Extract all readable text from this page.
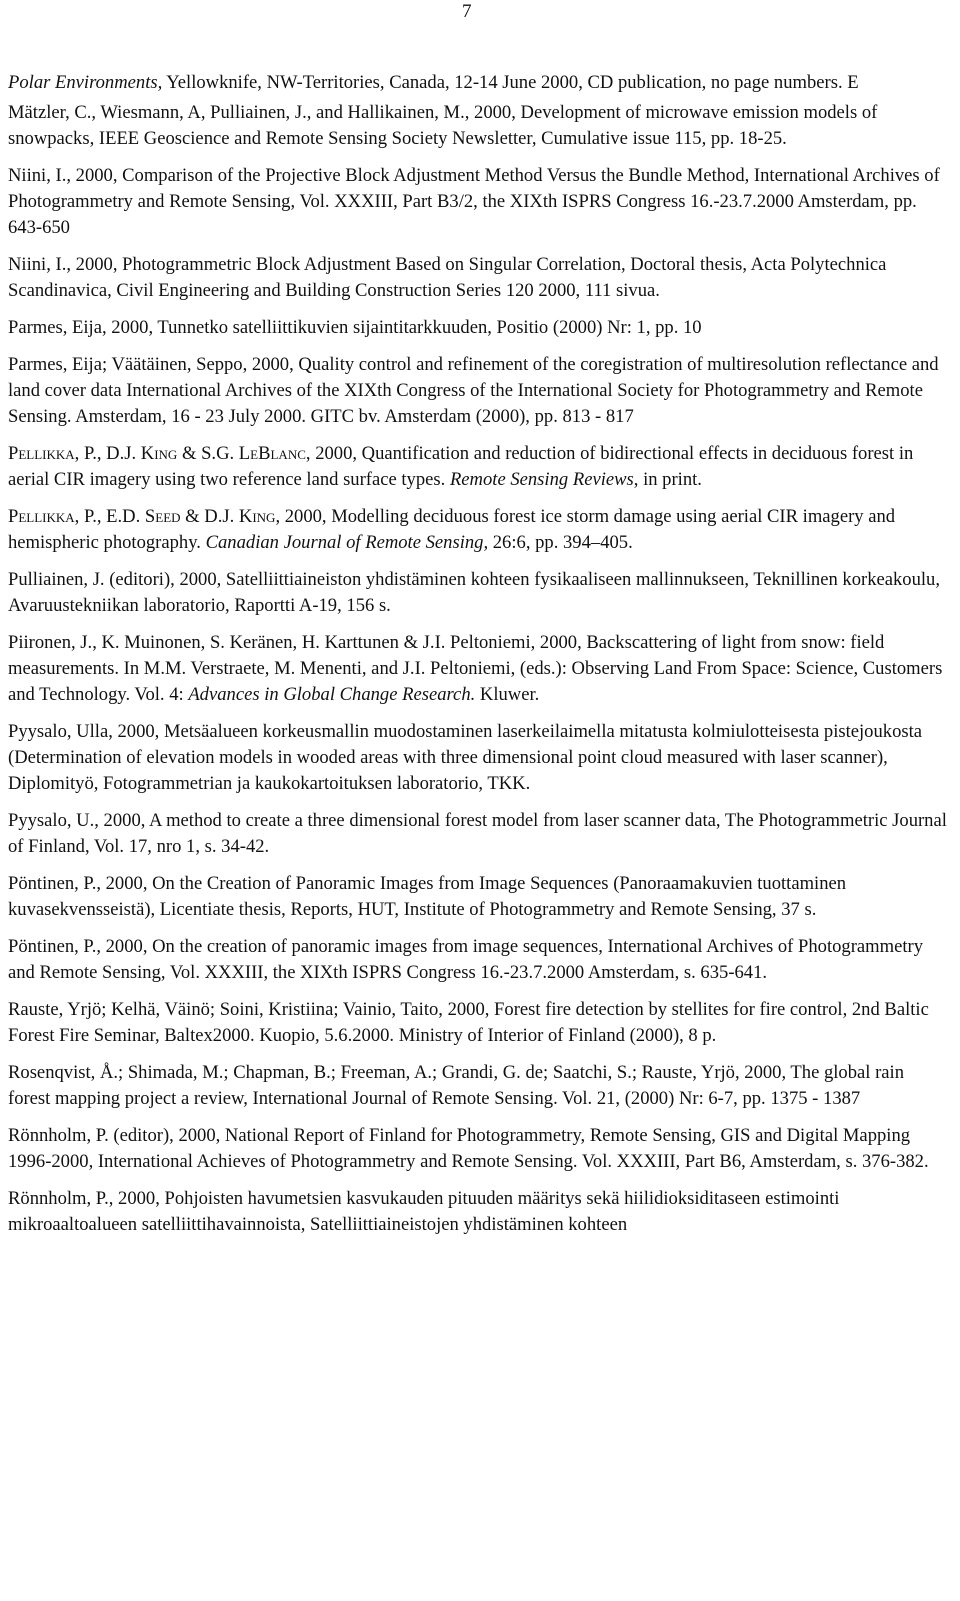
7

Polar Environments, Yellowknife, NW-Territories, Canada, 12-14 June 2000, CD publication, no page numbers. E

Mätzler, C., Wiesmann, A, Pulliainen, J., and Hallikainen, M., 2000, Development of microwave emission models of snowpacks, IEEE Geoscience and Remote Sensing Society Newsletter, Cumulative issue 115, pp. 18-25.

Niini, I., 2000, Comparison of the Projective Block Adjustment Method Versus the Bundle Method, International Archives of Photogrammetry and Remote Sensing, Vol. XXXIII, Part B3/2, the XIXth ISPRS Congress 16.-23.7.2000 Amsterdam, pp. 643-650

Niini, I., 2000, Photogrammetric Block Adjustment Based on Singular Correlation, Doctoral thesis, Acta Polytechnica Scandinavica, Civil Engineering and Building Construction Series 120 2000, 111 sivua.

Parmes, Eija, 2000, Tunnetko satelliittikuvien sijaintitarkkuuden, Positio (2000) Nr: 1, pp. 10

Parmes, Eija; Väätäinen, Seppo, 2000, Quality control and refinement of the coregistration of multiresolution reflectance and land cover data International Archives of the XIXth Congress of the International Society for Photogrammetry and Remote Sensing. Amsterdam, 16 - 23 July 2000. GITC bv. Amsterdam (2000), pp. 813 - 817

Pellikka, P., D.J. King & S.G. LeBlanc, 2000, Quantification and reduction of bidirectional effects in deciduous forest in aerial CIR imagery using two reference land surface types. Remote Sensing Reviews, in print.

Pellikka, P., E.D. Seed & D.J. King, 2000, Modelling deciduous forest ice storm damage using aerial CIR imagery and hemispheric photography. Canadian Journal of Remote Sensing, 26:6, pp. 394–405.

Pulliainen, J. (editori), 2000, Satelliittiaineiston yhdistäminen kohteen fysikaaliseen mallinnukseen, Teknillinen korkeakoulu, Avaruustekniikan laboratorio, Raportti A-19, 156 s.

Piironen, J., K. Muinonen, S. Keränen, H. Karttunen & J.I. Peltoniemi, 2000, Backscattering of light from snow: field measurements. In M.M. Verstraete, M. Menenti, and J.I. Peltoniemi, (eds.): Observing Land From Space: Science, Customers and Technology. Vol. 4: Advances in Global Change Research. Kluwer.

Pyysalo, Ulla, 2000, Metsäalueen korkeusmallin muodostaminen laserkeilaimella mitatusta kolmiulotteisesta pistejoukosta (Determination of elevation models in wooded areas with three dimensional point cloud measured with laser scanner), Diplomityö, Fotogrammetrian ja kaukokartoituksen laboratorio, TKK.

Pyysalo, U., 2000, A method to create a three dimensional forest model from laser scanner data, The Photogrammetric Journal of Finland, Vol. 17, nro 1, s. 34-42.

Pöntinen, P., 2000, On the Creation of Panoramic Images from Image Sequences (Panoraamakuvien tuottaminen kuvasekvensseistä), Licentiate thesis, Reports, HUT, Institute of Photogrammetry and Remote Sensing, 37 s.

Pöntinen, P., 2000, On the creation of panoramic images from image sequences, International Archives of Photogrammetry and Remote Sensing, Vol. XXXIII, the XIXth ISPRS Congress 16.-23.7.2000 Amsterdam, s. 635-641.

Rauste, Yrjö; Kelhä, Väinö; Soini, Kristiina; Vainio, Taito, 2000, Forest fire detection by stellites for fire control, 2nd Baltic Forest Fire Seminar, Baltex2000. Kuopio, 5.6.2000. Ministry of Interior of Finland (2000), 8 p.

Rosenqvist, Å.; Shimada, M.; Chapman, B.; Freeman, A.; Grandi, G. de; Saatchi, S.; Rauste, Yrjö, 2000, The global rain forest mapping project a review, International Journal of Remote Sensing. Vol. 21, (2000) Nr: 6-7, pp. 1375 - 1387

Rönnholm, P. (editor), 2000, National Report of Finland for Photogrammetry, Remote Sensing, GIS and Digital Mapping 1996-2000, International Achieves of Photogrammetry and Remote Sensing. Vol. XXXIII, Part B6, Amsterdam, s. 376-382.

Rönnholm, P., 2000, Pohjoisten havumetsien kasvukauden pituuden määritys sekä hiilidioksiditaseen estimointi mikroaaltoalueen satelliittihavainnoista, Satelliittiaineistojen yhdistäminen kohteen
